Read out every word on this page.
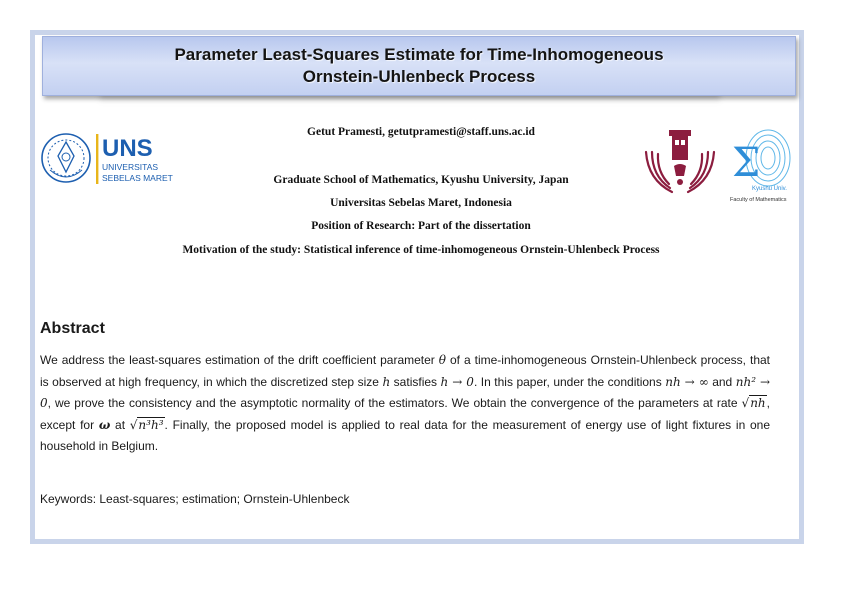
Parameter Least-Squares Estimate for Time-Inhomogeneous
Ornstein-Uhlenbeck Process
UNS
UNIVERSITAS
SEBELAS MARET	Σ
Kyushu Univ.
Faculty of Mathematics
Getut Pramesti, getutpramesti@staff.uns.ac.id
Graduate School of Mathematics, Kyushu University, Japan
Universitas Sebelas Maret, Indonesia
Position of Research: Part of the dissertation
Motivation of the study: Statistical inference of time-inhomogeneous Ornstein-Uhlenbeck Process
Abstract
We address the least-squares estimation of the drift coefficient parameter θ of a time-inhomogeneous Ornstein-Uhlenbeck process, that is observed at high frequency, in which the discretized step size h satisfies h → 0. In this paper, under the conditions nh → ∞ and nh² → 0, we prove the consistency and the asymptotic normality of the estimators. We obtain the convergence of the parameters at rate √nh, except for ω at √n³h³. Finally, the proposed model is applied to real data for the measurement of energy use of light fixtures in one household in Belgium.
Keywords: Least-squares; estimation; Ornstein-Uhlenbeck
